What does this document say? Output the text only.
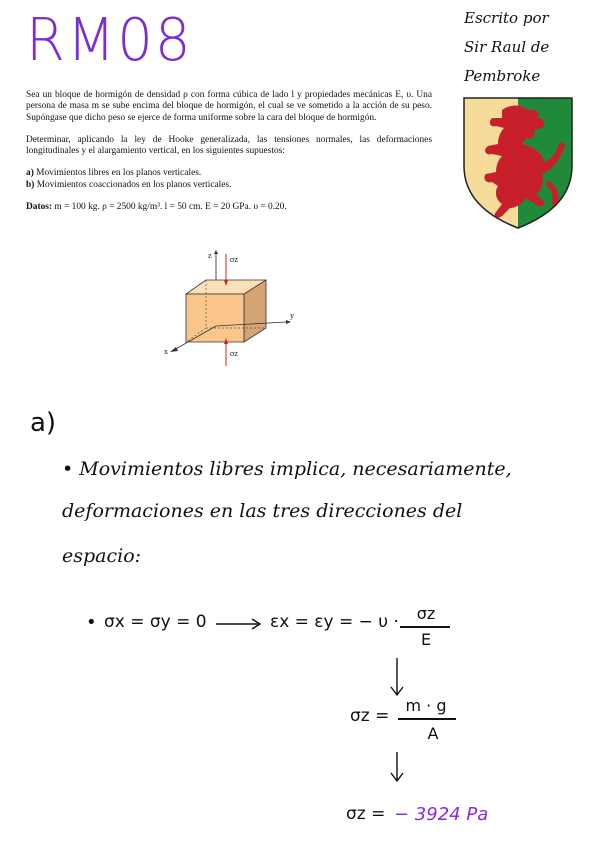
RM08	Escrito por
Sir Raul de
Pembroke

Sea un bloque de hormigón de densidad ρ con forma cúbica de lado l y propiedades mecánicas E, υ. Una persona de masa m se sube encima del bloque de hormigón, el cual se ve sometido a la acción de su peso. Supóngase que dicho peso se ejerce de forma uniforme sobre la cara del bloque de hormigón.

Determinar, aplicando la ley de Hooke generalizada, las tensiones normales, las deformaciones longitudinales y el alargamiento vertical, en los siguientes supuestos:

a) Movimientos libres en los planos verticales.

b) Movimientos coaccionados en los planos verticales.

Datos: m = 100 kg. ρ = 2500 kg/m³. l = 50 cm. E = 20 GPa. υ = 0.20.

z
y
x
σz
σz
a)
• Movimientos libres implica, necesariamente,
deformaciones en las tres direcciones del
espacio:
• σx = σy = 0	εx = εy = − υ ·	σz
E
σz =
m · g
A
σz = − 3924 Pa
